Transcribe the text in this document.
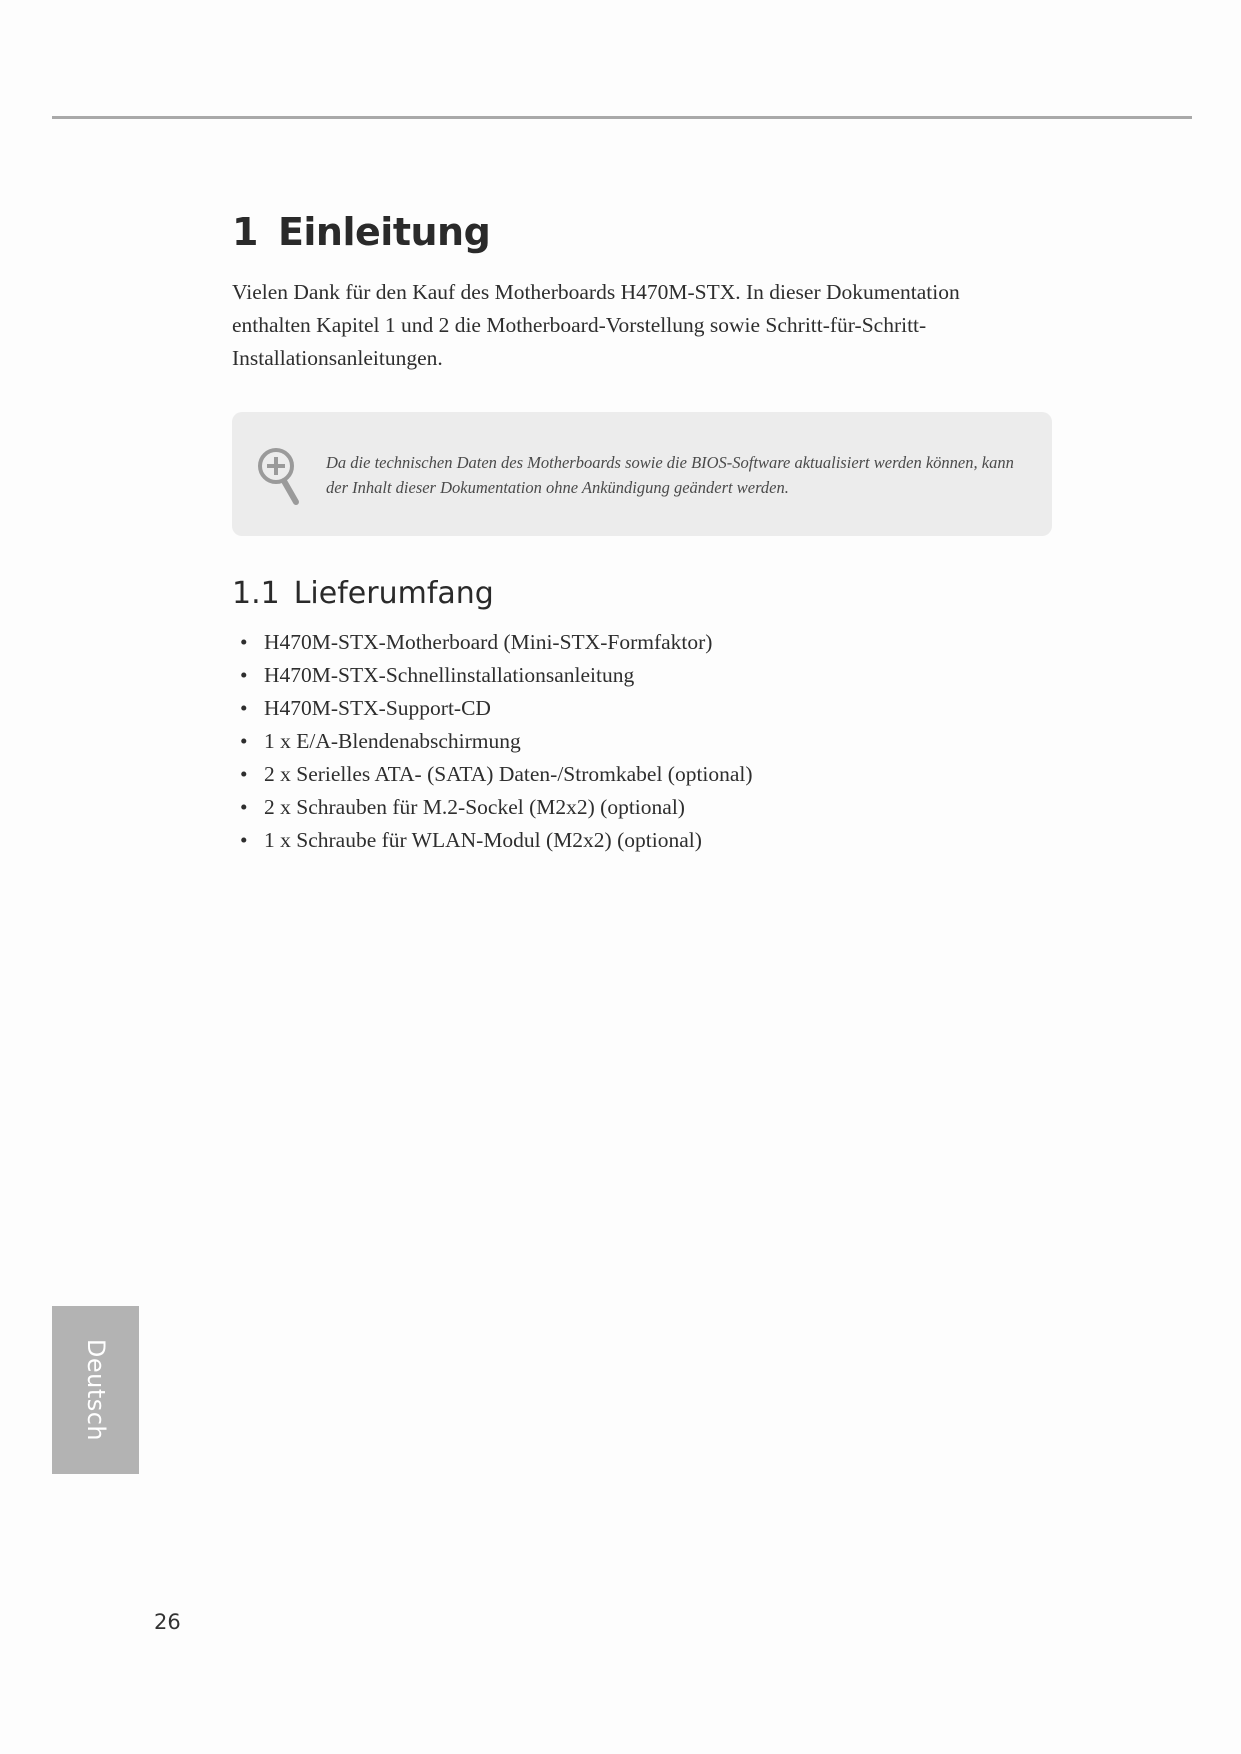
1 Einleitung

Vielen Dank für den Kauf des Motherboards H470M-STX. In dieser Dokumentation enthalten Kapitel 1 und 2 die Motherboard-Vorstellung sowie Schritt-für-Schritt-Installationsanleitungen.

Da die technischen Daten des Motherboards sowie die BIOS-Software aktualisiert werden können, kann der Inhalt dieser Dokumentation ohne Ankündigung geändert werden.

1.1 Lieferumfang
• H470M-STX-Motherboard (Mini-STX-Formfaktor)
• H470M-STX-Schnellinstallationsanleitung
• H470M-STX-Support-CD
• 1 x E/A-Blendenabschirmung
• 2 x Serielles ATA- (SATA) Daten-/Stromkabel (optional)
• 2 x Schrauben für M.2-Sockel (M2x2) (optional)
• 1 x Schraube für WLAN-Modul (M2x2) (optional)
Deutsch
26
